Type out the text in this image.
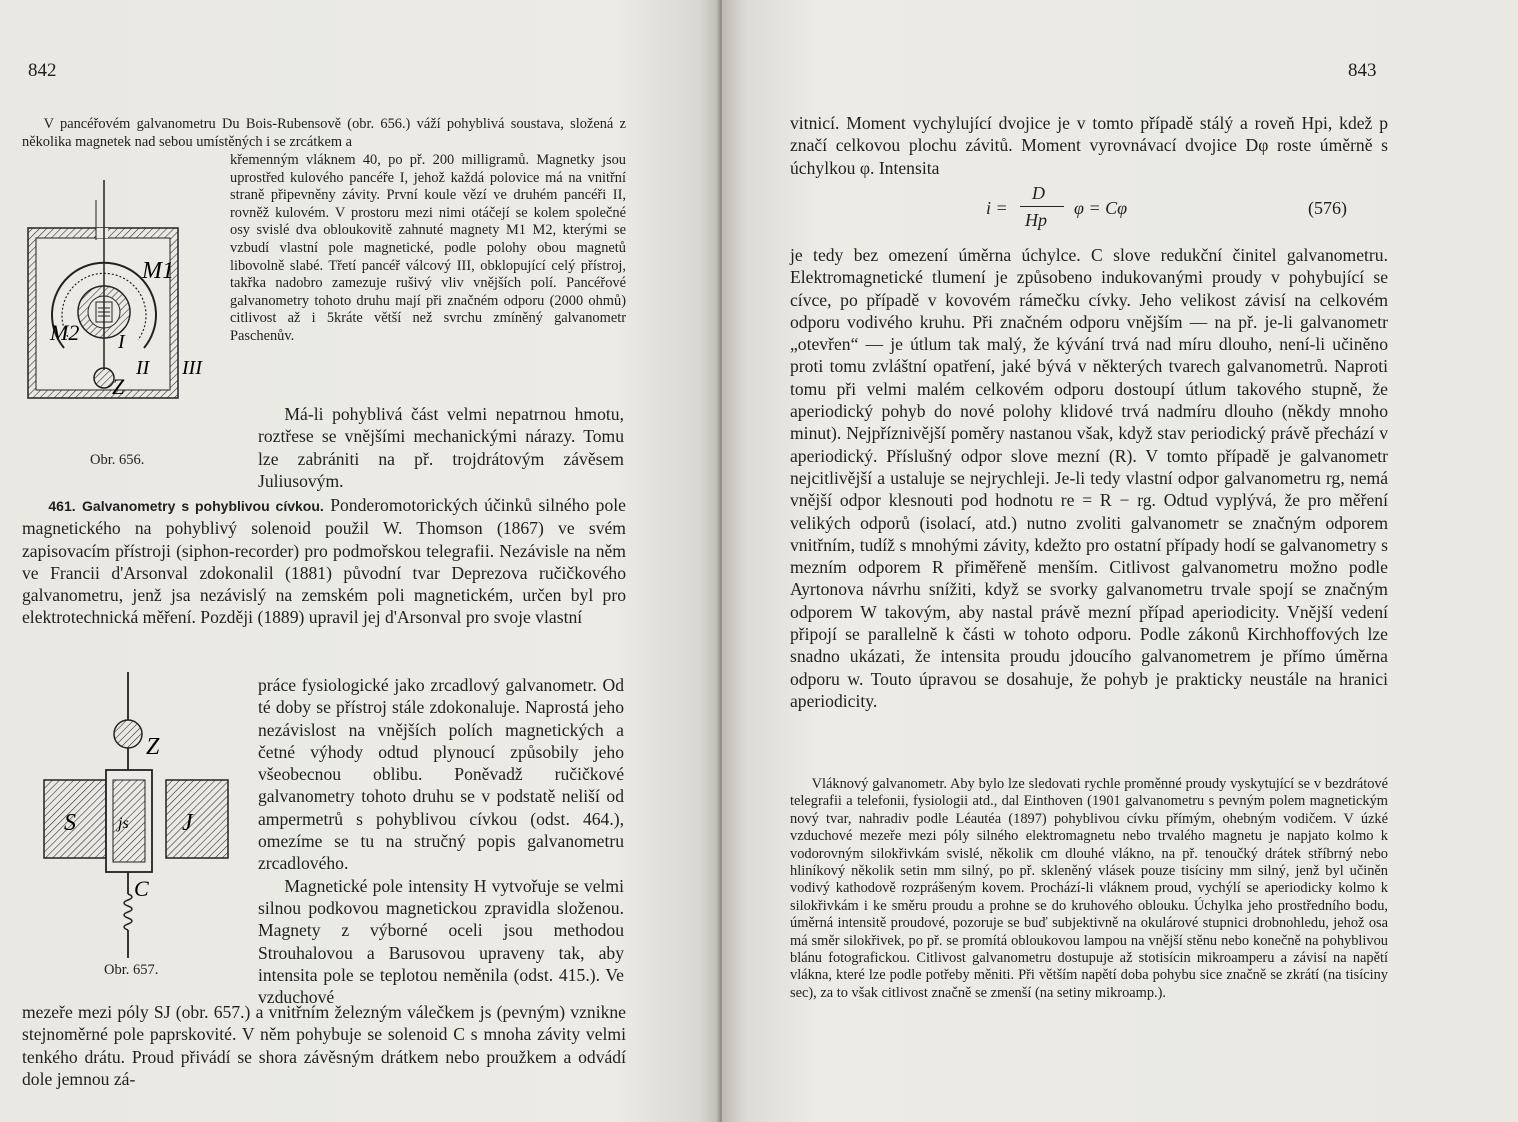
842

V pancéřovém galvanometru Du Bois-Rubensově (obr. 656.) váží pohyblivá soustava, složená z několika magnetek nad sebou umístěných i se zrcátkem a

křemenným vláknem 40, po př. 200 milligramů. Magnetky jsou uprostřed kulového pancéře I, jehož každá polovice má na vnitřní straně připevněny závity. První koule vězí ve druhém pancéři II, rovněž kulovém. V prostoru mezi nimi otáčejí se kolem společné osy svislé dva obloukovitě zahnuté magnety M1 M2, kterými se vzbudí vlastní pole magnetické, podle polohy obou magnetů libovolně slabé. Třetí pancéř válcový III, obklopující celý přístroj, takřka nadobro zamezuje rušivý vliv vnějších polí. Pancéřové galvanometry tohoto druhu mají při značném odporu (2000 ohmů) citlivost až i 5kráte větší než svrchu zmíněný galvanometr Paschenův.

M1
M2 I
II III
Z

Má-li pohyblivá část velmi nepatrnou hmotu, roztřese se vnějšími mechanickými nárazy. Tomu lze zabrániti na př. trojdrátovým závěsem Juliusovým.

Obr. 656.

461. Galvanometry s pohyblivou cívkou. Ponderomotorických účinků silného pole magnetického na pohyblivý solenoid použil W. Thomson (1867) ve svém zapisovacím přístroji (siphon-recorder) pro podmořskou telegrafii. Nezávisle na něm ve Francii d'Arsonval zdokonalil (1881) původní tvar Deprezova ručičkového galvanometru, jenž jsa nezávislý na zemském poli magnetickém, určen byl pro elektrotechnická měření. Později (1889) upravil jej d'Arsonval pro svoje vlastní

Z
S	js J
C

práce fysiologické jako zrcadlový galvanometr. Od té doby se přístroj stále zdokonaluje. Naprostá jeho nezávislost na vnějších polích magnetických a četné výhody odtud plynoucí způsobily jeho všeobecnou oblibu. Poněvadž ručičkové galvanometry tohoto druhu se v podstatě neliší od ampermetrů s pohyblivou cívkou (odst. 464.), omezíme se tu na stručný popis galvanometru zrcadlového.

Magnetické pole intensity H vytvořuje se velmi silnou podkovou magnetickou zpravidla složenou. Magnety z výborné oceli jsou methodou Strouhalovou a Barusovou upraveny tak, aby intensita pole se teplotou neměnila (odst. 415.). Ve vzduchové

Obr. 657.

mezeře mezi póly SJ (obr. 657.) a vnitřním železným válečkem js (pevným) vznikne stejnoměrné pole paprskovité. V něm pohybuje se solenoid C s mnoha závity velmi tenkého drátu. Proud přivádí se shora závěsným drátkem nebo proužkem a odvádí dole jemnou zá-

843

vitnicí. Moment vychylující dvojice je v tomto případě stálý a roveň Hpi, kdež p značí celkovou plochu závitů. Moment vyrovnávací dvojice Dφ roste úměrně s úchylkou φ. Intensita

i =
D
Hp
φ = Cφ	(576)

je tedy bez omezení úměrna úchylce. C slove redukční činitel galvanometru. Elektromagnetické tlumení je způsobeno indukovanými proudy v pohybující se cívce, po případě v kovovém rámečku cívky. Jeho velikost závisí na celkovém odporu vodivého kruhu. Při značném odporu vnějším — na př. je-li galvanometr „otevřen“ — je útlum tak malý, že kývání trvá nad míru dlouho, není-li učiněno proti tomu zvláštní opatření, jaké bývá v některých tvarech galvanometrů. Naproti tomu při velmi malém celkovém odporu dostoupí útlum takového stupně, že aperiodický pohyb do nové polohy klidové trvá nadmíru dlouho (někdy mnoho minut). Nejpříznivější poměry nastanou však, když stav periodický právě přechází v aperiodický. Příslušný odpor slove mezní (R). V tomto případě je galvanometr nejcitlivější a ustaluje se nejrychleji. Je-li tedy vlastní odpor galvanometru rg, nemá vnější odpor klesnouti pod hodnotu re = R − rg. Odtud vyplývá, že pro měření velikých odporů (isolací, atd.) nutno zvoliti galvanometr se značným odporem vnitřním, tudíž s mnohými závity, kdežto pro ostatní případy hodí se galvanometry s mezním odporem R přiměřeně menším. Citlivost galvanometru možno podle Ayrtonova návrhu snížiti, když se svorky galvanometru trvale spojí se značným odporem W takovým, aby nastal právě mezní případ aperiodicity. Vnější vedení připojí se parallelně k části w tohoto odporu. Podle zákonů Kirchhoffových lze snadno ukázati, že intensita proudu jdoucího galvanometrem je přímo úměrna odporu w. Touto úpravou se dosahuje, že pohyb je prakticky neustále na hranici aperiodicity.

Vláknový galvanometr. Aby bylo lze sledovati rychle proměnné proudy vyskytující se v bezdrátové telegrafii a telefonii, fysiologii atd., dal Einthoven (1901 galvanometru s pevným polem magnetickým nový tvar, nahradiv podle Léautéa (1897) pohyblivou cívku přímým, ohebným vodičem. V úzké vzduchové mezeře mezi póly silného elektromagnetu nebo trvalého magnetu je napjato kolmo k vodorovným silokřivkám svislé, několik cm dlouhé vlákno, na př. tenoučký drátek stříbrný nebo hliníkový několik setin mm silný, po př. skleněný vlásek pouze tisíciny mm silný, jenž byl učiněn vodivý kathodově rozprášeným kovem. Prochází-li vláknem proud, vychýlí se aperiodicky kolmo k silokřivkám i ke směru proudu a prohne se do kruhového oblouku. Úchylka jeho prostředního bodu, úměrná intensitě proudové, pozoruje se buď subjektivně na okulárové stupnici drobnohledu, jehož osa má směr silokřivek, po př. se promítá obloukovou lampou na vnější stěnu nebo konečně na pohyblivou blánu fotografickou. Citlivost galvanometru dostupuje až stotisícin mikroamperu a závisí na napětí vlákna, které lze podle potřeby měniti. Při větším napětí doba pohybu sice značně se zkrátí (na tisíciny sec), za to však citlivost značně se zmenší (na setiny mikroamp.).
